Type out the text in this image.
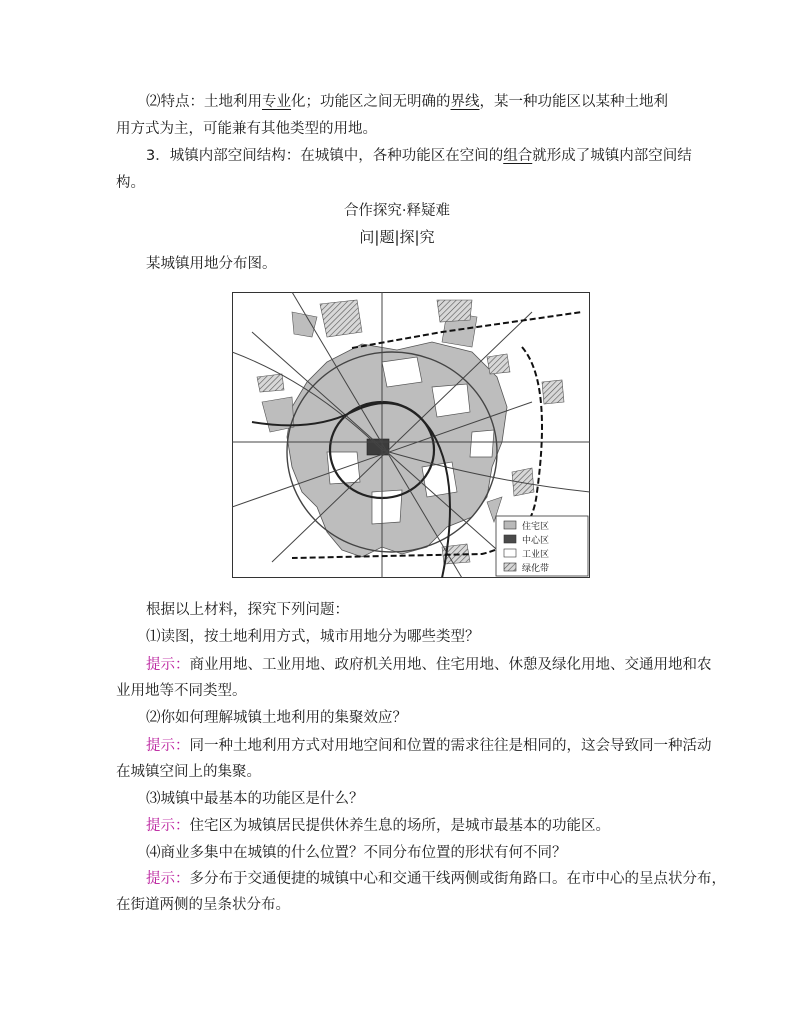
⑵特点：土地利用专业化；功能区之间无明确的界线，某一种功能区以某种土地利
用方式为主，可能兼有其他类型的用地。
3．城镇内部空间结构：在城镇中，各种功能区在空间的组合就形成了城镇内部空间结
构。
合作探究·释疑难
问|题|探|究
某城镇用地分布图。
住宅区
中心区
工业区
绿化带
根据以上材料，探究下列问题：
⑴读图，按土地利用方式，城市用地分为哪些类型？
提示：商业用地、工业用地、政府机关用地、住宅用地、休憩及绿化用地、交通用地和农
业用地等不同类型。
⑵你如何理解城镇土地利用的集聚效应？
提示：同一种土地利用方式对用地空间和位置的需求往往是相同的，这会导致同一种活动
在城镇空间上的集聚。
⑶城镇中最基本的功能区是什么？
提示：住宅区为城镇居民提供休养生息的场所，是城市最基本的功能区。
⑷商业多集中在城镇的什么位置？不同分布位置的形状有何不同？
提示：多分布于交通便捷的城镇中心和交通干线两侧或街角路口。在市中心的呈点状分布，
在街道两侧的呈条状分布。
